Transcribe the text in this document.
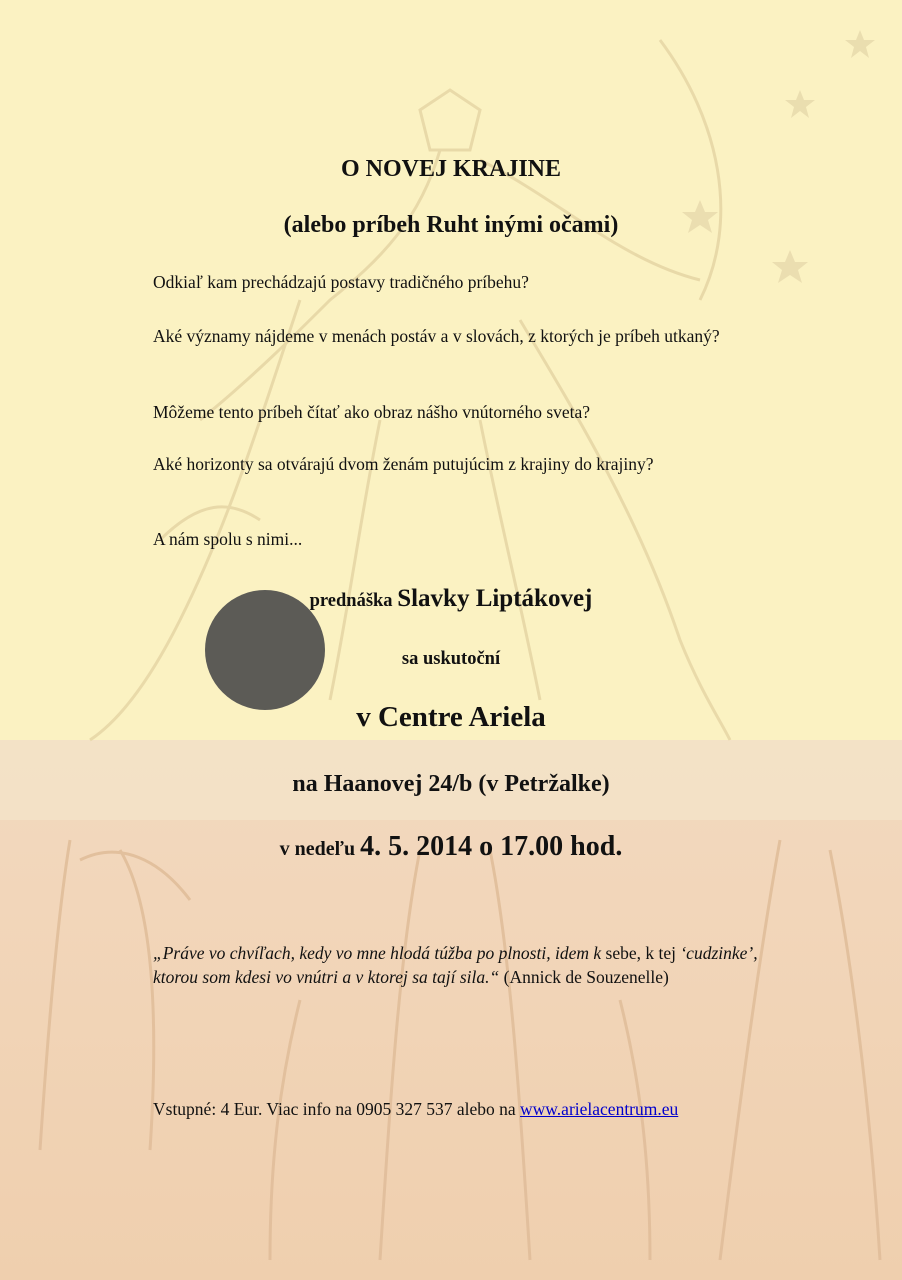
O NOVEJ KRAJINE
(alebo príbeh Ruht inými očami)
Odkiaľ kam prechádzajú postavy tradičného príbehu?
Aké významy nájdeme v menách postáv a v slovách, z ktorých je príbeh utkaný?
Môžeme tento príbeh čítať ako obraz nášho vnútorného sveta?
Aké horizonty sa otvárajú dvom ženám putujúcim z krajiny do krajiny?
A nám spolu s nimi...
prednáška Slavky Liptákovej
sa uskutoční
v Centre Ariela
na Haanovej 24/b (v Petržalke)
v nedeľu 4. 5. 2014 o 17.00 hod.
„Práve vo chvíľach, kedy vo mne hlodá túžba po plnosti, idem k sebe, k tej ‘cudzinke’, ktorou som kdesi vo vnútri a v ktorej sa tají sila.“ (Annick de Souzenelle)
Vstupné: 4 Eur. Viac info na 0905 327 537 alebo na www.arielacentrum.eu
